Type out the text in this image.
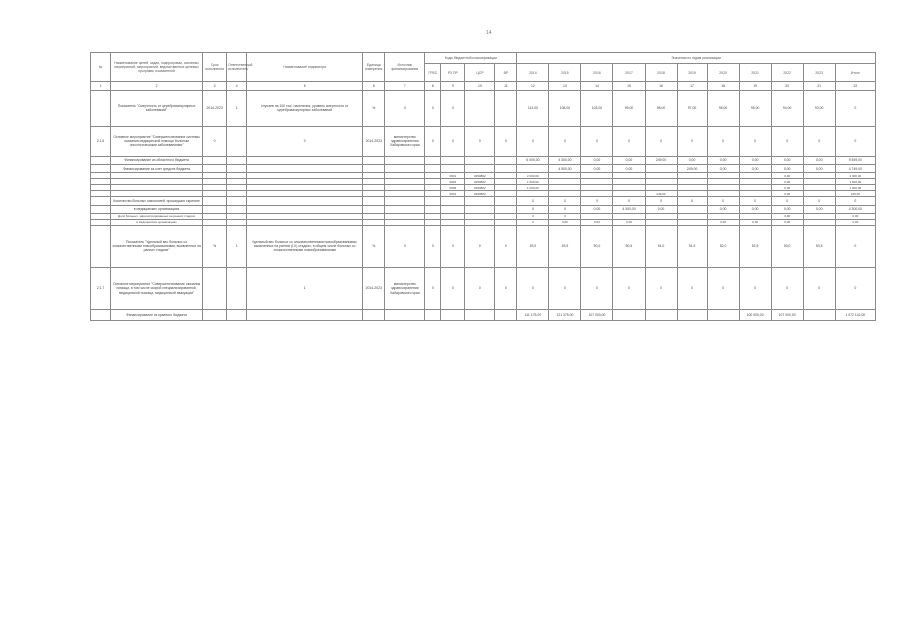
14
№	Наименование целей, задач, подпрограмм, основных мероприятий, мероприятий, ведомственных целевых программ, показателей	Срок исполнения	Ответственный исполнитель	Наименование индикатора	Единица измерения	Источник финансирования	Коды бюджетной классификации				Значения по годам реализации										
							ГРБС	РЗ ПР	ЦСР	ВР	2014	2015	2016	2017	2018	2019	2020	2021	2022	2023	Итого
1	2	3	4	5	6	7	8	9	10	11	12	13	14	15	16	17	18	19	20	21	22
	Показатель "Смертность от цереброваскулярных заболеваний"	2014-2023	1	случаев на 100 тыс. населения, уровень смертности от цереброваскулярных заболеваний	%	0	0	0			113,00	108,00	103,00	99,00	98,00	97,00	96,00	95,00	94,00	93,00	0
2.1.6	Основное мероприятие "Совершенствование системы оказания медицинской помощи больным онкологическими заболеваниями"	0		0	2014-2023	министерство здравоохранения Хабаровского края	0	0	0	0	0	0	0	0	0	0	0	0	0	0	0
	Финансирование из областного бюджета										5 000,00	4 300,00	0,00	0,00	249,00	0,00	0,00	0,00	0,00	0,00	9 549,00
	Финансирование за счет средств бюджета											4 500,00	0,00	0,00		249,00	0,00	0,00	0,00	0,00	4 749,00
								0901	0250802		2 000,00								0,00		2 000,00
								0902	0250802		1 500,00								0,00		1 500,00
								0909	0250802		1 000,00								0,00		1 000,00
								0901	0250802						249,00				0,00		249,00
	Количество больных онкологией, прошедших скрининг										0	0	0	0	0	0	0	0	0	0	0
	в медицинских организациях										0	0	0,00	4 300,00	0,00		0,00	0,00	0,00	0,00	4 300,00
	Доля больных, зарегистрированных на ранних стадиях										0	0							0,00		0,00
	в медицинских организациях										0	0,00	0,00	0,00			0,00	0,00	0,00		0,00
	Показатель "Удельный вес больных со злокачественными новообразованиями, выявленных на ранних стадиях"	%	1	Удельный вес больных со злокачественными новообразованиями, выявленных на ранних (I-II) стадиях, в общем числе больных со злокачественными новообразованиями	%	0	0	0	0	0	49,0	49,5	50,0	50,5	51,0	51,5	52,0	52,5	53,0	53,5	0
2.1.7	Основное мероприятие "Совершенствование оказания помощи, в том числе скорой специализированной, медицинской помощи, медицинской эвакуации"			1	2014-2023	министерство здравоохранения Хабаровского края	0	0	0	0	0	0	0	0	0	0	0	0	0	0	0
	Финансирование из краевого бюджета										111 175,00	121 375,00	107 000,00					100 000,00	107 000,00		1 072 142,00
